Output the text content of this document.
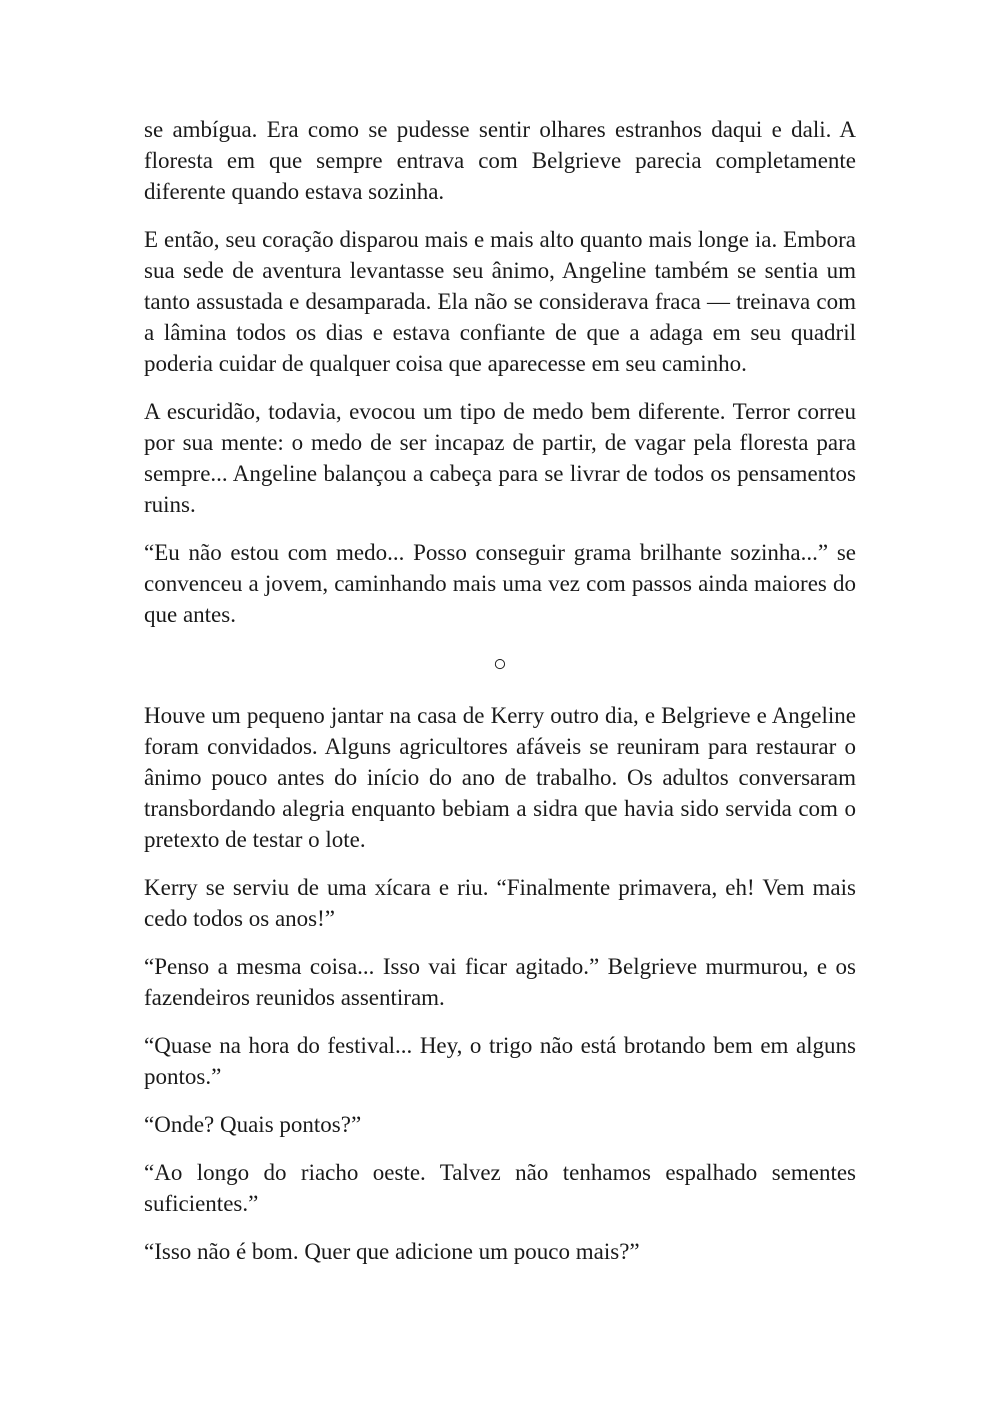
se ambígua. Era como se pudesse sentir olhares estranhos daqui e dali. A floresta em que sempre entrava com Belgrieve parecia completamente diferente quando estava sozinha.

E então, seu coração disparou mais e mais alto quanto mais longe ia. Embora sua sede de aventura levantasse seu ânimo, Angeline também se sentia um tanto assustada e desamparada. Ela não se considerava fraca — treinava com a lâmina todos os dias e estava confiante de que a adaga em seu quadril poderia cuidar de qualquer coisa que aparecesse em seu caminho.

A escuridão, todavia, evocou um tipo de medo bem diferente. Terror correu por sua mente: o medo de ser incapaz de partir, de vagar pela floresta para sempre... Angeline balançou a cabeça para se livrar de todos os pensamentos ruins.

“Eu não estou com medo... Posso conseguir grama brilhante sozinha...” se convenceu a jovem, caminhando mais uma vez com passos ainda maiores do que antes.

○

Houve um pequeno jantar na casa de Kerry outro dia, e Belgrieve e Angeline foram convidados. Alguns agricultores afáveis se reuniram para restaurar o ânimo pouco antes do início do ano de trabalho. Os adultos conversaram transbordando alegria enquanto bebiam a sidra que havia sido servida com o pretexto de testar o lote.

Kerry se serviu de uma xícara e riu. “Finalmente primavera, eh! Vem mais cedo todos os anos!”

“Penso a mesma coisa... Isso vai ficar agitado.” Belgrieve murmurou, e os fazendeiros reunidos assentiram.

“Quase na hora do festival... Hey, o trigo não está brotando bem em alguns pontos.”

“Onde? Quais pontos?”

“Ao longo do riacho oeste. Talvez não tenhamos espalhado sementes suficientes.”

“Isso não é bom. Quer que adicione um pouco mais?”
